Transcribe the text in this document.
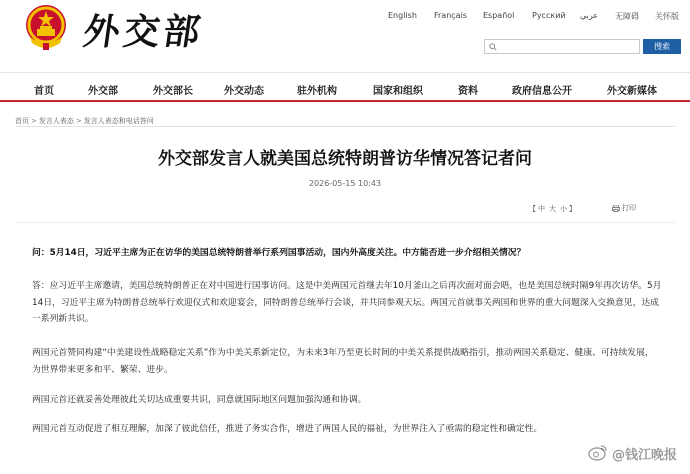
外交部	English Français Español Русский عربي 无障碍 关怀版
搜索
首页	外交部	外交部长	外交动态	驻外机构	国家和组织	资料	政府信息公开	外交新媒体
首页 > 发言人表态 > 发言人表态和电话答问
外交部发言人就美国总统特朗普访华情况答记者问
2026-05-15 10:43
【 中 大 小 】	打印
问：5月14日，习近平主席为正在访华的美国总统特朗普举行系列国事活动，国内外高度关注。中方能否进一步介绍相关情况？
答：应习近平主席邀请，美国总统特朗普正在对中国进行国事访问。这是中美两国元首继去年10月釜山之后再次面对面会晤，也是美国总统时隔9年再次访华。5月14日，习近平主席为特朗普总统举行欢迎仪式和欢迎宴会，同特朗普总统举行会谈，并共同参观天坛。两国元首就事关两国和世界的重大问题深入交换意见，达成一系列新共识。
两国元首赞同构建“中美建设性战略稳定关系”作为中美关系新定位，为未来3年乃至更长时间的中美关系提供战略指引，推动两国关系稳定、健康、可持续发展，为世界带来更多和平、繁荣、进步。
两国元首还就妥善处理彼此关切达成重要共识，同意就国际地区问题加强沟通和协调。
两国元首互动促进了相互理解，加深了彼此信任，推进了务实合作，增进了两国人民的福祉，为世界注入了亟需的稳定性和确定性。
@钱江晚报
